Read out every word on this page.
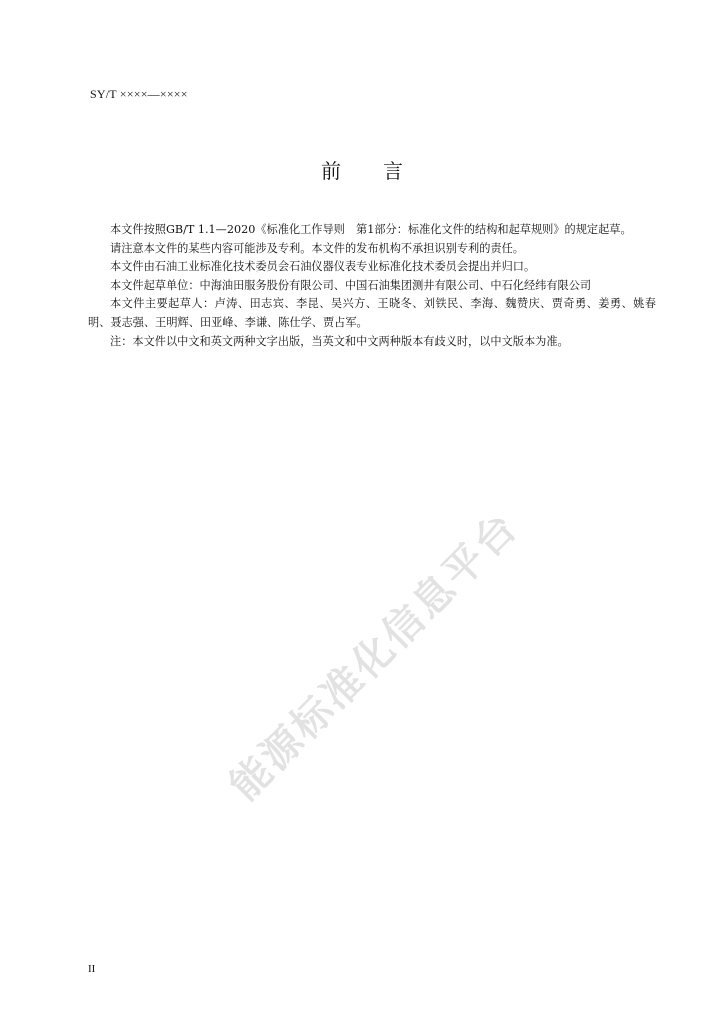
SY/T ××××—××××
前 言

本文件按照GB/T 1.1—2020《标准化工作导则　第1部分：标准化文件的结构和起草规则》的规定起草。

请注意本文件的某些内容可能涉及专利。本文件的发布机构不承担识别专利的责任。

本文件由石油工业标准化技术委员会石油仪器仪表专业标准化技术委员会提出并归口。

本文件起草单位：中海油田服务股份有限公司、中国石油集团测井有限公司、中石化经纬有限公司

本文件主要起草人：卢涛、田志宾、李昆、吴兴方、王晓冬、刘铁民、李海、魏赞庆、贾奇勇、姜勇、姚春明、聂志强、王明辉、田亚峰、李谦、陈仕学、贾占军。

注：本文件以中文和英文两种文字出版，当英文和中文两种版本有歧义时，以中文版本为准。

能源标准化信息平台
II
